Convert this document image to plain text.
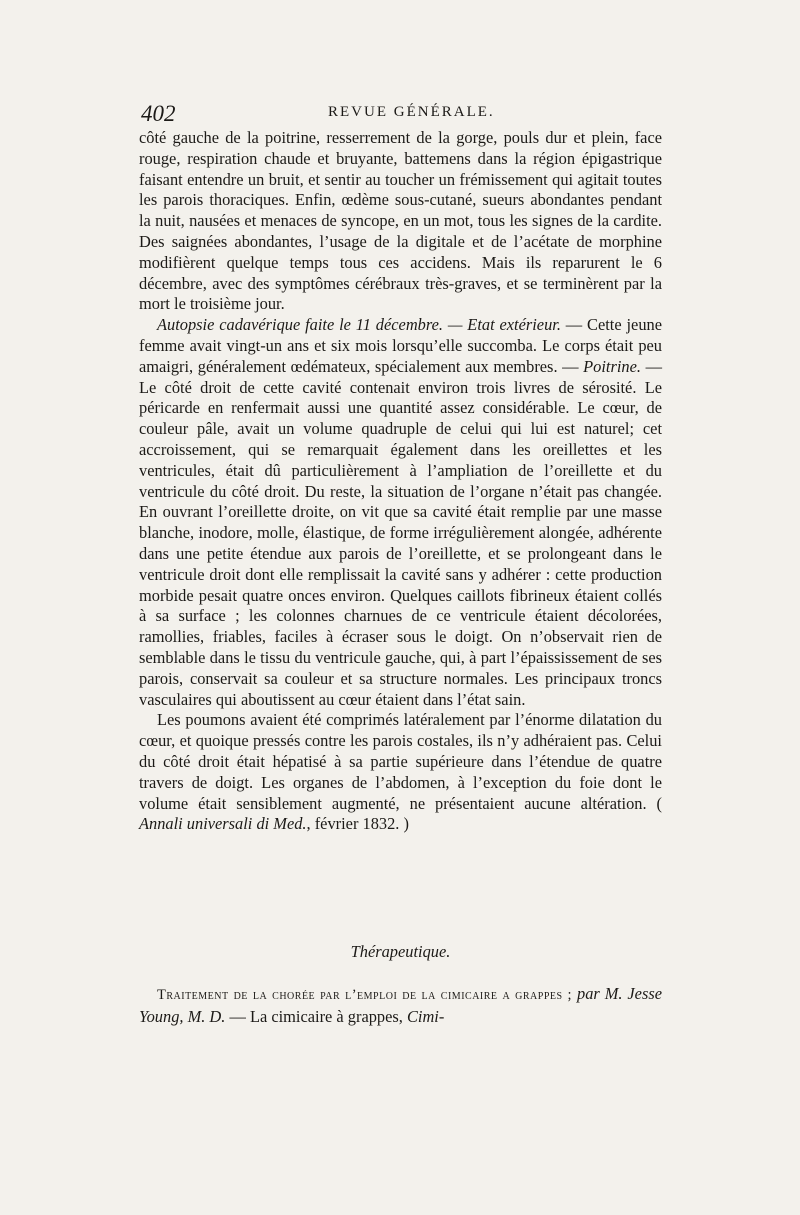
402	REVUE GÉNÉRALE.

côté gauche de la poitrine, resserrement de la gorge, pouls dur et plein, face rouge, respiration chaude et bruyante, battemens dans la région épigastrique faisant entendre un bruit, et sentir au toucher un frémissement qui agitait toutes les parois thoraciques. Enfin, œdème sous-cutané, sueurs abondantes pendant la nuit, nausées et menaces de syncope, en un mot, tous les signes de la cardite. Des saignées abondantes, l’usage de la digitale et de l’acétate de morphine modifièrent quelque temps tous ces accidens. Mais ils reparurent le 6 décembre, avec des symptômes cérébraux très-graves, et se terminèrent par la mort le troisième jour.

Autopsie cadavérique faite le 11 décembre. — Etat extérieur. — Cette jeune femme avait vingt-un ans et six mois lorsqu’elle succomba. Le corps était peu amaigri, généralement œdémateux, spécialement aux membres. — Poitrine. — Le côté droit de cette cavité contenait environ trois livres de sérosité. Le péricarde en renfermait aussi une quantité assez considérable. Le cœur, de couleur pâle, avait un volume quadruple de celui qui lui est naturel; cet accroissement, qui se remarquait également dans les oreillettes et les ventricules, était dû particulièrement à l’ampliation de l’oreillette et du ventricule du côté droit. Du reste, la situation de l’organe n’était pas changée. En ouvrant l’oreillette droite, on vit que sa cavité était remplie par une masse blanche, inodore, molle, élastique, de forme irrégulièrement alongée, adhérente dans une petite étendue aux parois de l’oreillette, et se prolongeant dans le ventricule droit dont elle remplissait la cavité sans y adhérer : cette production morbide pesait quatre onces environ. Quelques caillots fibrineux étaient collés à sa surface ; les colonnes charnues de ce ventricule étaient décolorées, ramollies, friables, faciles à écraser sous le doigt. On n’observait rien de semblable dans le tissu du ventricule gauche, qui, à part l’épaississement de ses parois, conservait sa couleur et sa structure normales. Les principaux troncs vasculaires qui aboutissent au cœur étaient dans l’état sain.

Les poumons avaient été comprimés latéralement par l’énorme dilatation du cœur, et quoique pressés contre les parois costales, ils n’y adhéraient pas. Celui du côté droit était hépatisé à sa partie supérieure dans l’étendue de quatre travers de doigt. Les organes de l’abdomen, à l’exception du foie dont le volume était sensiblement augmenté, ne présentaient aucune altération. ( Annali universali di Med., février 1832. )

Thérapeutique.

Traitement de la chorée par l’emploi de la cimicaire a grappes ; par M. Jesse Young, M. D. — La cimicaire à grappes, Cimi-
